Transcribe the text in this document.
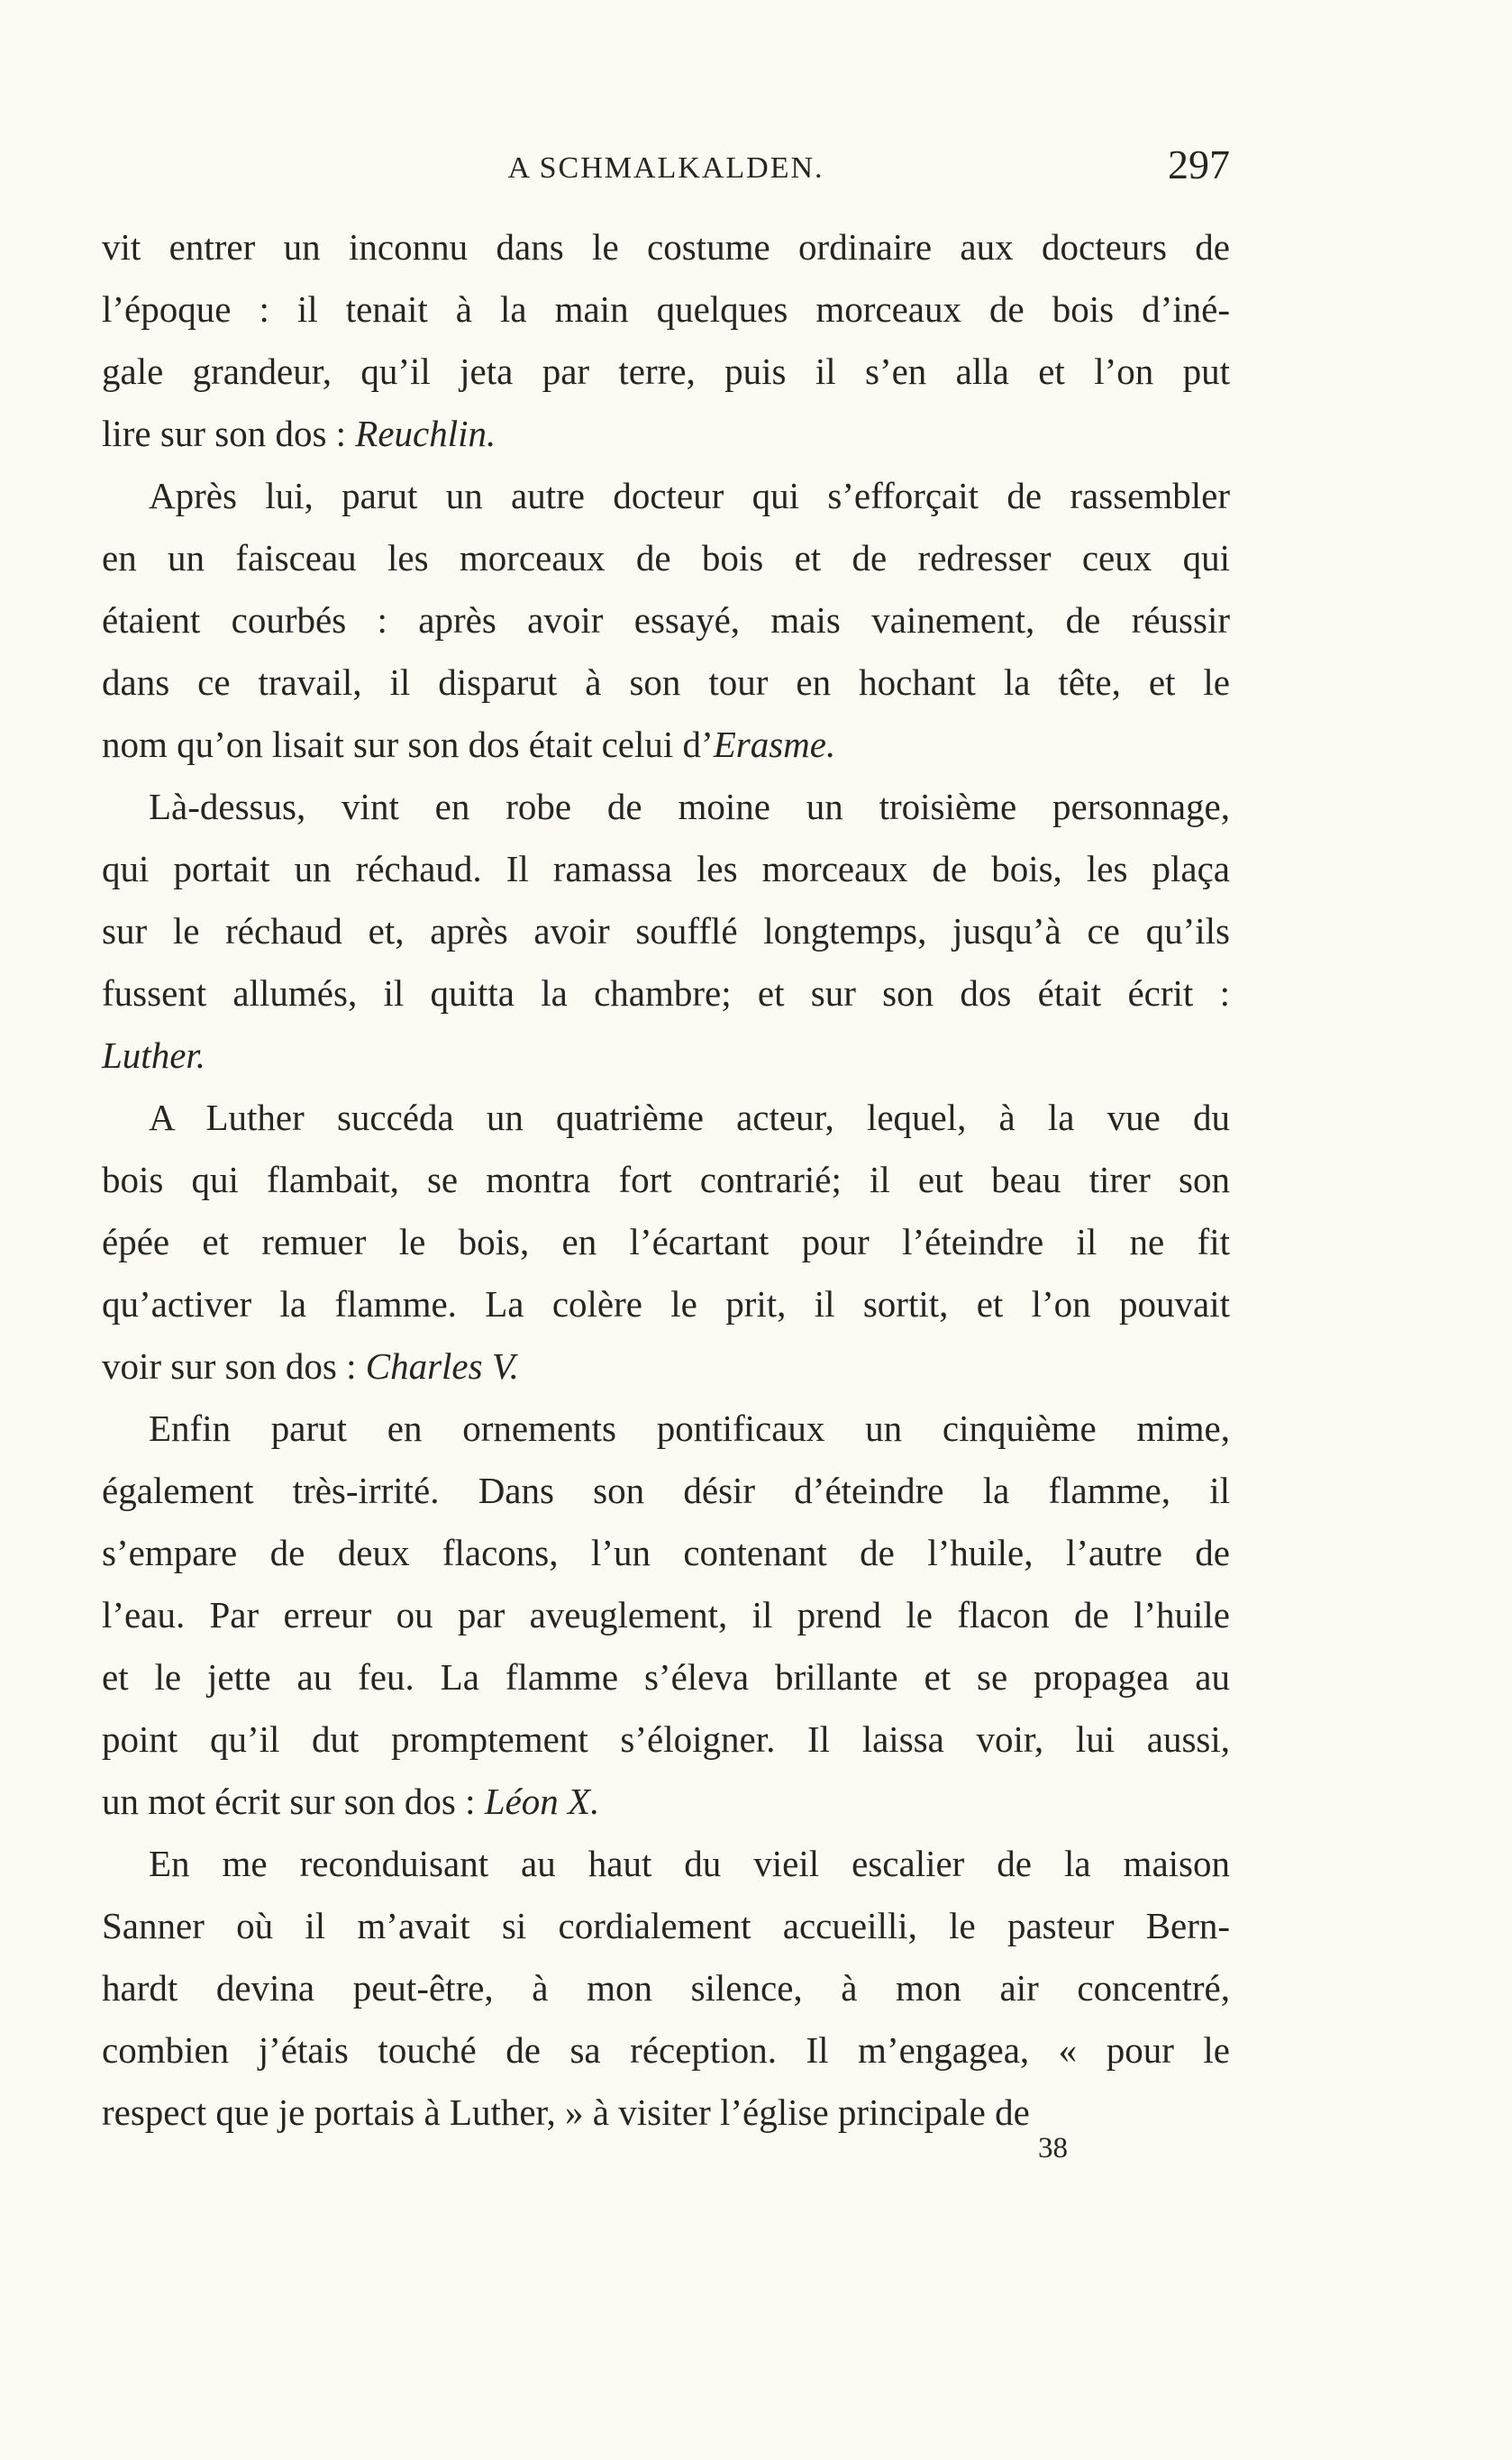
A SCHMALKALDEN.	297
vit entrer un inconnu dans le costume ordinaire aux docteurs de
l’époque : il tenait à la main quelques morceaux de bois d’iné-
gale grandeur, qu’il jeta par terre, puis il s’en alla et l’on put
lire sur son dos : Reuchlin.
Après lui, parut un autre docteur qui s’efforçait de rassembler
en un faisceau les morceaux de bois et de redresser ceux qui
étaient courbés : après avoir essayé, mais vainement, de réussir
dans ce travail, il disparut à son tour en hochant la tête, et le
nom qu’on lisait sur son dos était celui d’Erasme.
Là-dessus, vint en robe de moine un troisième personnage,
qui portait un réchaud. Il ramassa les morceaux de bois, les plaça
sur le réchaud et, après avoir soufflé longtemps, jusqu’à ce qu’ils
fussent allumés, il quitta la chambre; et sur son dos était écrit :
Luther.
A Luther succéda un quatrième acteur, lequel, à la vue du
bois qui flambait, se montra fort contrarié; il eut beau tirer son
épée et remuer le bois, en l’écartant pour l’éteindre il ne fit
qu’activer la flamme. La colère le prit, il sortit, et l’on pouvait
voir sur son dos : Charles V.
Enfin parut en ornements pontificaux un cinquième mime,
également très-irrité. Dans son désir d’éteindre la flamme, il
s’empare de deux flacons, l’un contenant de l’huile, l’autre de
l’eau. Par erreur ou par aveuglement, il prend le flacon de l’huile
et le jette au feu. La flamme s’éleva brillante et se propagea au
point qu’il dut promptement s’éloigner. Il laissa voir, lui aussi,
un mot écrit sur son dos : Léon X.
En me reconduisant au haut du vieil escalier de la maison
Sanner où il m’avait si cordialement accueilli, le pasteur Bern-
hardt devina peut-être, à mon silence, à mon air concentré,
combien j’étais touché de sa réception. Il m’engagea, « pour le
respect que je portais à Luther, » à visiter l’église principale de
38
